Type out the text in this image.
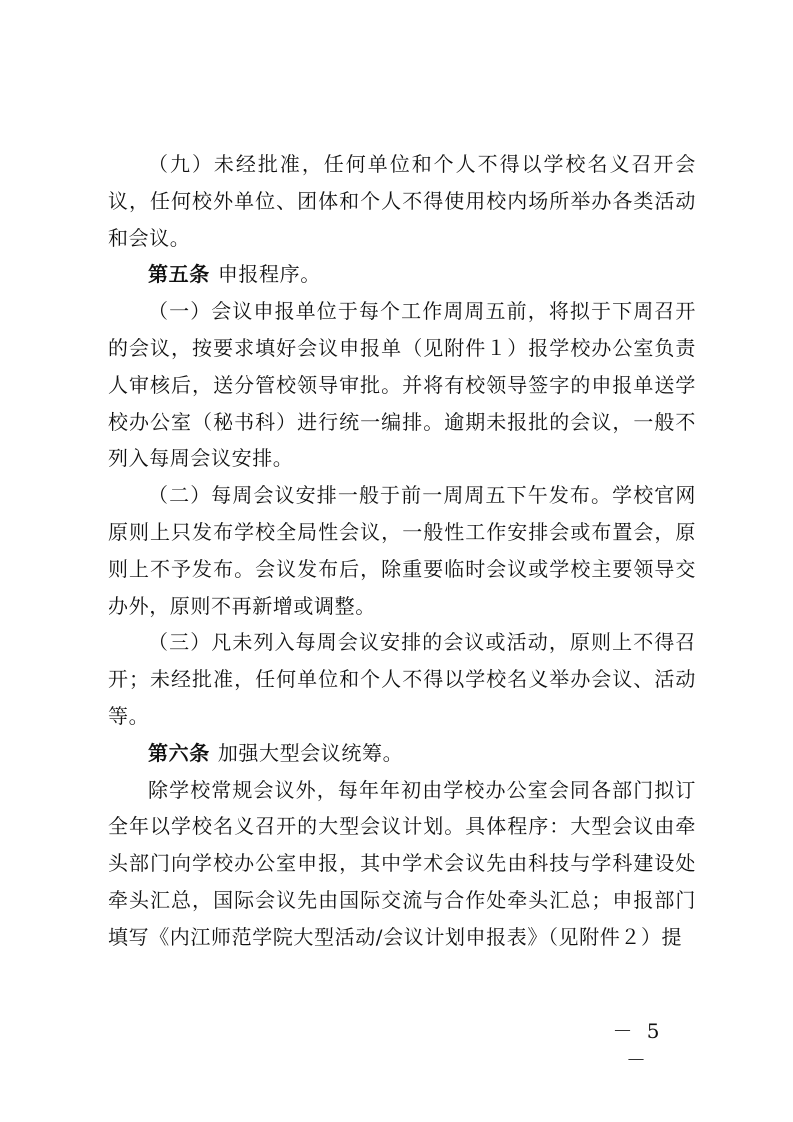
（九）未经批准，任何单位和个人不得以学校名义召开会议，任何校外单位、团体和个人不得使用校内场所举办各类活动和会议。

第五条 申报程序。

（一）会议申报单位于每个工作周周五前，将拟于下周召开的会议，按要求填好会议申报单（见附件１）报学校办公室负责人审核后，送分管校领导审批。并将有校领导签字的申报单送学校办公室（秘书科）进行统一编排。逾期未报批的会议，一般不列入每周会议安排。

（二）每周会议安排一般于前一周周五下午发布。学校官网原则上只发布学校全局性会议，一般性工作安排会或布置会，原则上不予发布。会议发布后，除重要临时会议或学校主要领导交办外，原则不再新增或调整。

（三）凡未列入每周会议安排的会议或活动，原则上不得召开；未经批准，任何单位和个人不得以学校名义举办会议、活动等。

第六条 加强大型会议统筹。

除学校常规会议外，每年年初由学校办公室会同各部门拟订全年以学校名义召开的大型会议计划。具体程序：大型会议由牵头部门向学校办公室申报，其中学术会议先由科技与学科建设处牵头汇总，国际会议先由国际交流与合作处牵头汇总；申报部门填写《内江师范学院大型活动/会议计划申报表》（见附件２）提

－ 5 －
